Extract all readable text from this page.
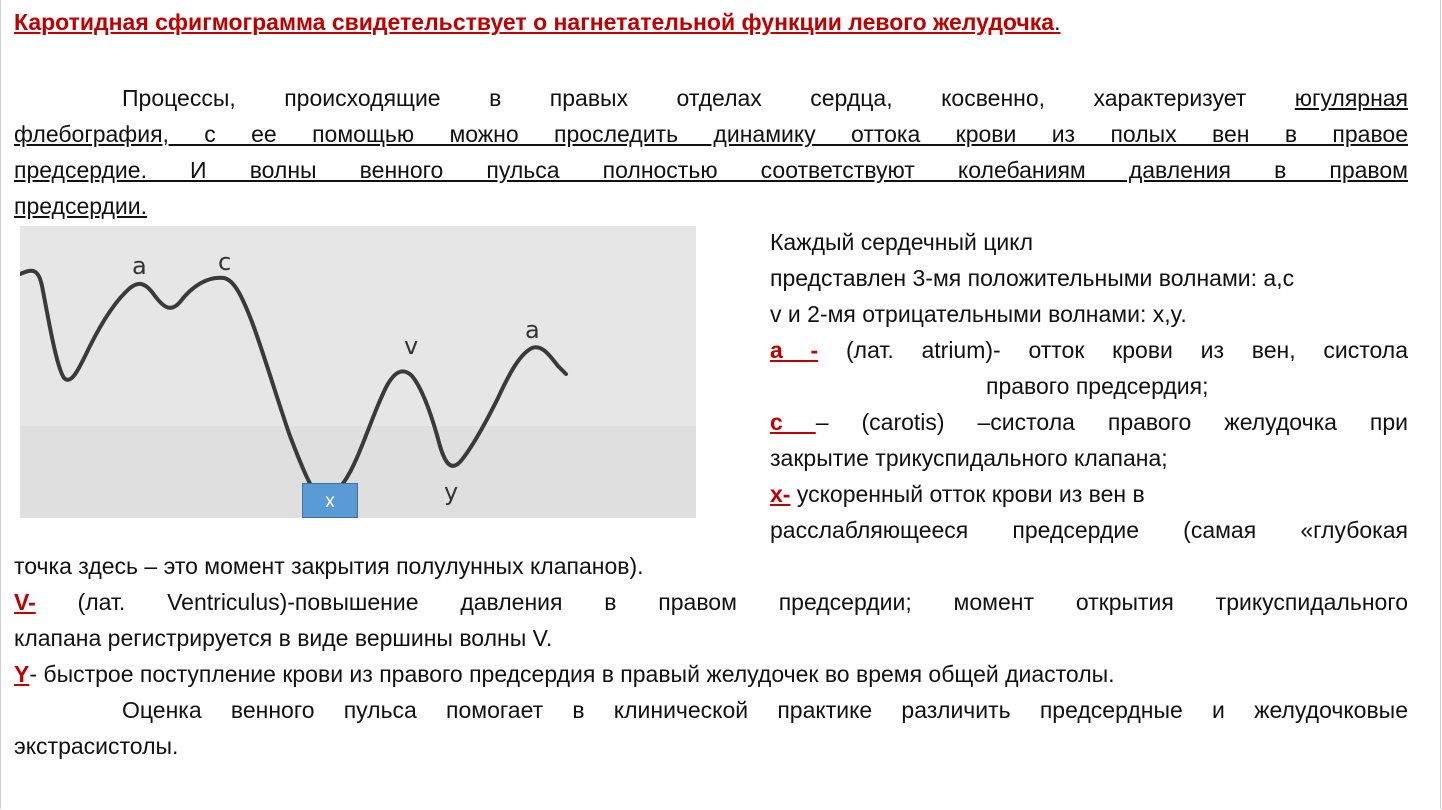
Каротидная сфигмограмма свидетельствует о нагнетательной функции левого желудочка.
Процессы, происходящие в правых отделах сердца, косвенно, характеризует югулярная
флебография, с ее помощью можно проследить динамику оттока крови из полых вен в правое
предсердие. И волны венного пульса полностью соответствуют колебаниям давления в правом
предсердии.
a	c
v
a
y
x
Каждый сердечный цикл
представлен 3-мя положительными волнами: a,c
v и 2-мя отрицательными волнами: x,y.
а - (лат. atrium)- отток крови из вен, систола
правого предсердия;
с – (carotis) –систола правого желудочка при
закрытие трикуспидального клапана;
х- ускоренный отток крови из вен в
расслабляющееся предсердие (самая «глубокая
точка здесь – это момент закрытия полулунных клапанов).
V- (лат. Ventriculus)-повышение давления в правом предсердии; момент открытия трикуспидального
клапана регистрируется в виде вершины волны V.
Y- быстрое поступление крови из правого предсердия в правый желудочек во время общей диастолы.
Оценка венного пульса помогает в клинической практике различить предсердные и желудочковые
экстрасистолы.
